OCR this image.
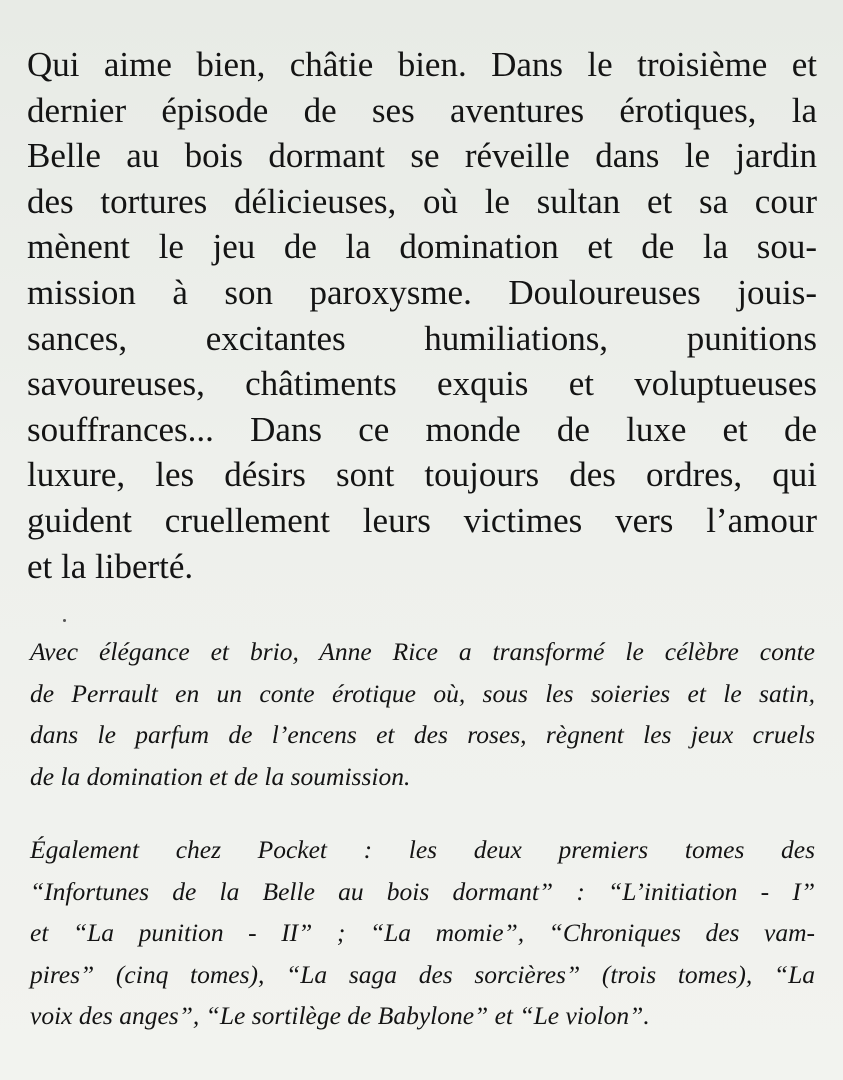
Qui aime bien, châtie bien. Dans le troisième et
dernier épisode de ses aventures érotiques, la
Belle au bois dormant se réveille dans le jardin
des tortures délicieuses, où le sultan et sa cour
mènent le jeu de la domination et de la sou-
mission à son paroxysme. Douloureuses jouis-
sances, excitantes humiliations, punitions
savoureuses, châtiments exquis et voluptueuses
souffrances... Dans ce monde de luxe et de
luxure, les désirs sont toujours des ordres, qui
guident cruellement leurs victimes vers l’amour
et la liberté.

Avec élégance et brio, Anne Rice a transformé le célèbre conte
de Perrault en un conte érotique où, sous les soieries et le satin,
dans le parfum de l’encens et des roses, règnent les jeux cruels
de la domination et de la soumission.

Également chez Pocket : les deux premiers tomes des
“Infortunes de la Belle au bois dormant” : “L’initiation - I”
et “La punition - II” ; “La momie”, “Chroniques des vam-
pires” (cinq tomes), “La saga des sorcières” (trois tomes), “La
voix des anges”, “Le sortilège de Babylone” et “Le violon”.
